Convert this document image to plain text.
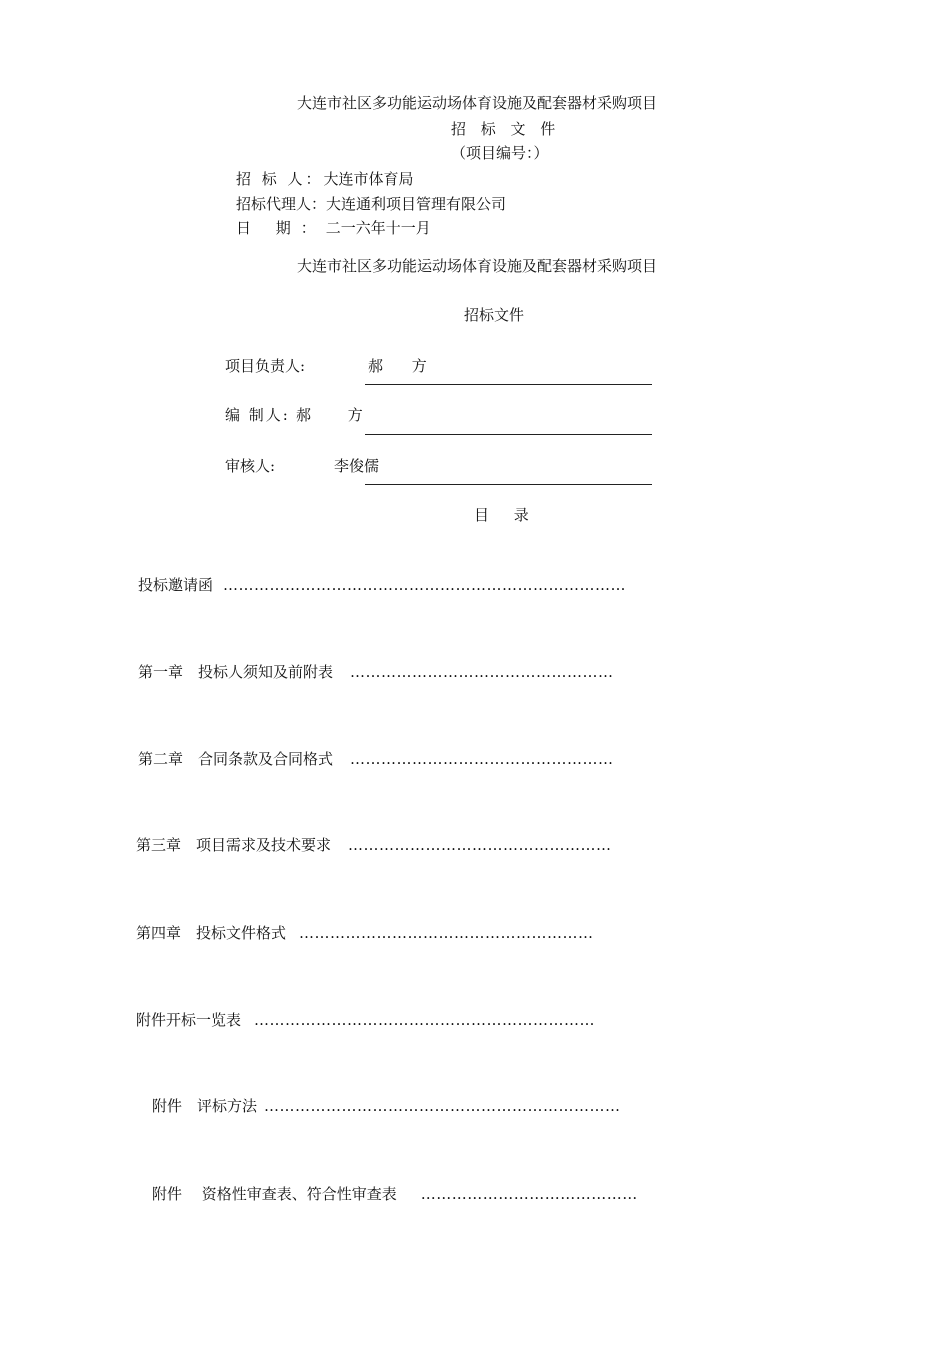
大连市社区多功能运动场体育设施及配套器材采购项目
招 标 文 件
（项目编号：）
招 标 人：大连市体育局
招标代理人：大连通利项目管理有限公司
日 期：二一六年十一月
大连市社区多功能运动场体育设施及配套器材采购项目
招标文件
项目负责人:	郝 方
编 制人: 郝 方
审核人:	李俊儒
目 录
投标邀请函 ……………………………………………………………………
第一章　投标人须知及前附表 ……………………………………………
第二章　合同条款及合同格式 ……………………………………………
第三章　项目需求及技术要求 ……………………………………………
第四章　投标文件格式 …………………………………………………
附件开标一览表 …………………………………………………………
附件　评标方法 ……………………………………………………………
附件　 资格性审查表、符合性审查表 ……………………………………
